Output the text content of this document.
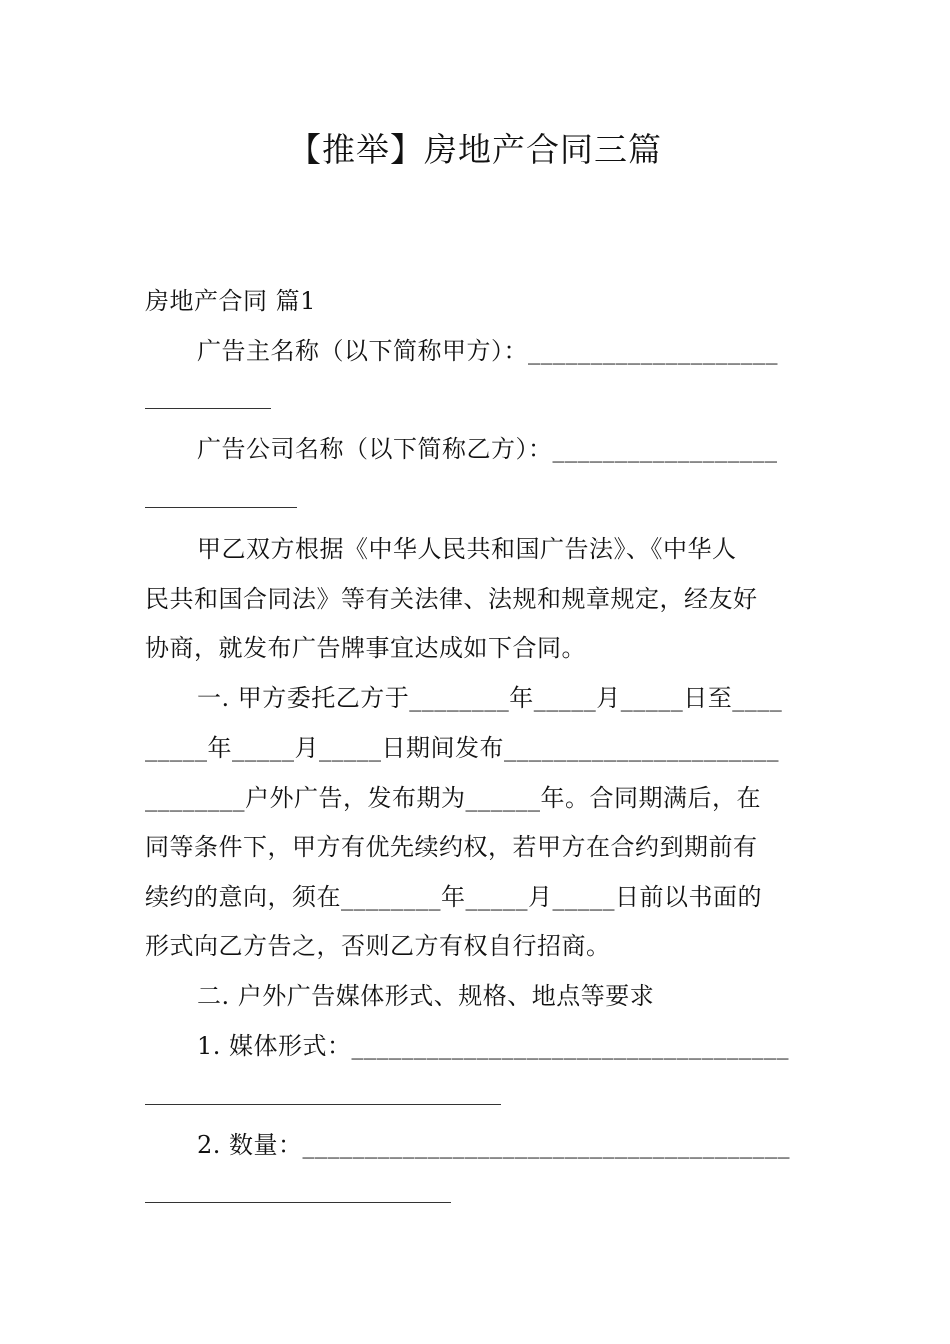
【推举】房地产合同三篇
房地产合同 篇1
广告主名称（以下简称甲方）：____________________
广告公司名称（以下简称乙方）：__________________
甲乙双方根据《中华人民共和国广告法》、《中华人
民共和国合同法》等有关法律、法规和规章规定，经友好
协商，就发布广告牌事宜达成如下合同。
一. 甲方委托乙方于________年_____月_____日至____
_____年_____月_____日期间发布______________________
________户外广告，发布期为______年。合同期满后，在
同等条件下，甲方有优先续约权，若甲方在合约到期前有
续约的意向，须在________年_____月_____日前以书面的
形式向乙方告之，否则乙方有权自行招商。
二. 户外广告媒体形式、规格、地点等要求
1. 媒体形式：___________________________________
2. 数量：_______________________________________
